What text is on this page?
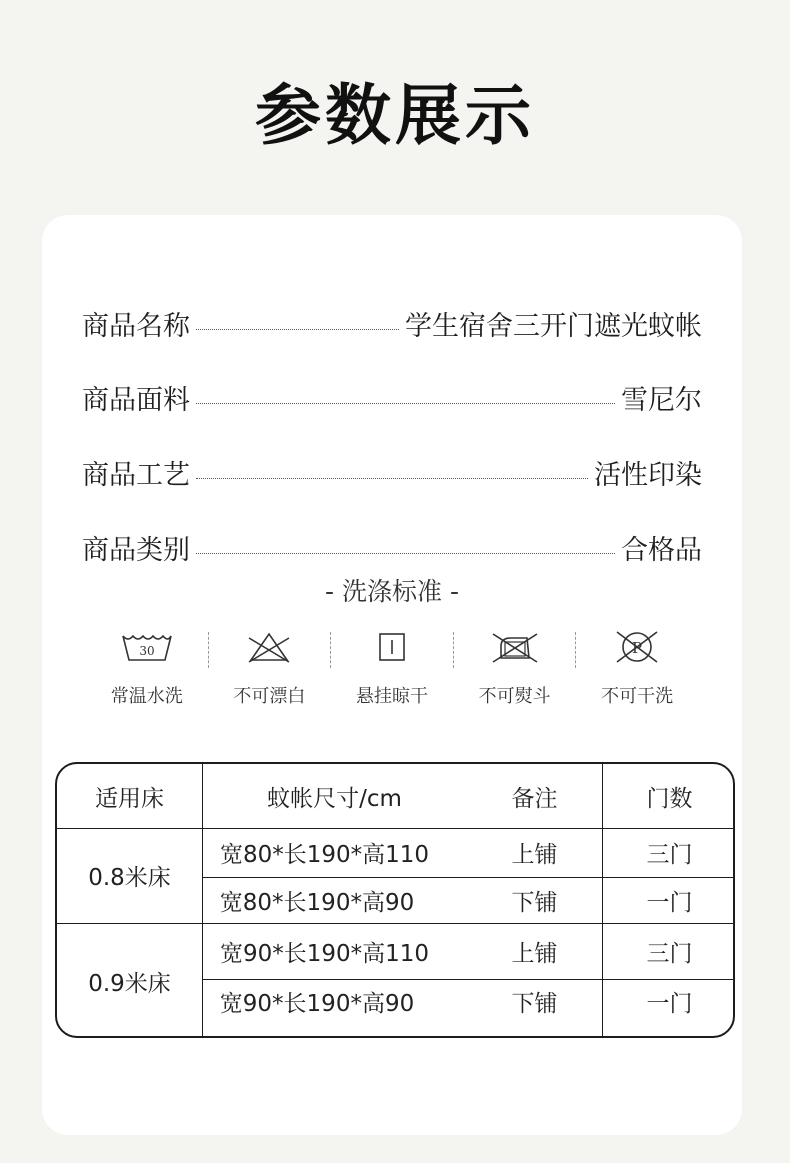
参数展示
商品名称	学生宿舍三开门遮光蚊帐
商品面料	雪尼尔
商品工艺	活性印染
商品类别	合格品
- 洗涤标准 -
30
常温水洗	不可漂白	悬挂晾干	不可熨斗
P
不可干洗
适用床	蚊帐尺寸/cm	备注	门数
0.8米床
宽80*长190*高110	上铺	三门
宽80*长190*高90	下铺	一门
0.9米床
宽90*长190*高110	上铺	三门
宽90*长190*高90	下铺	一门
